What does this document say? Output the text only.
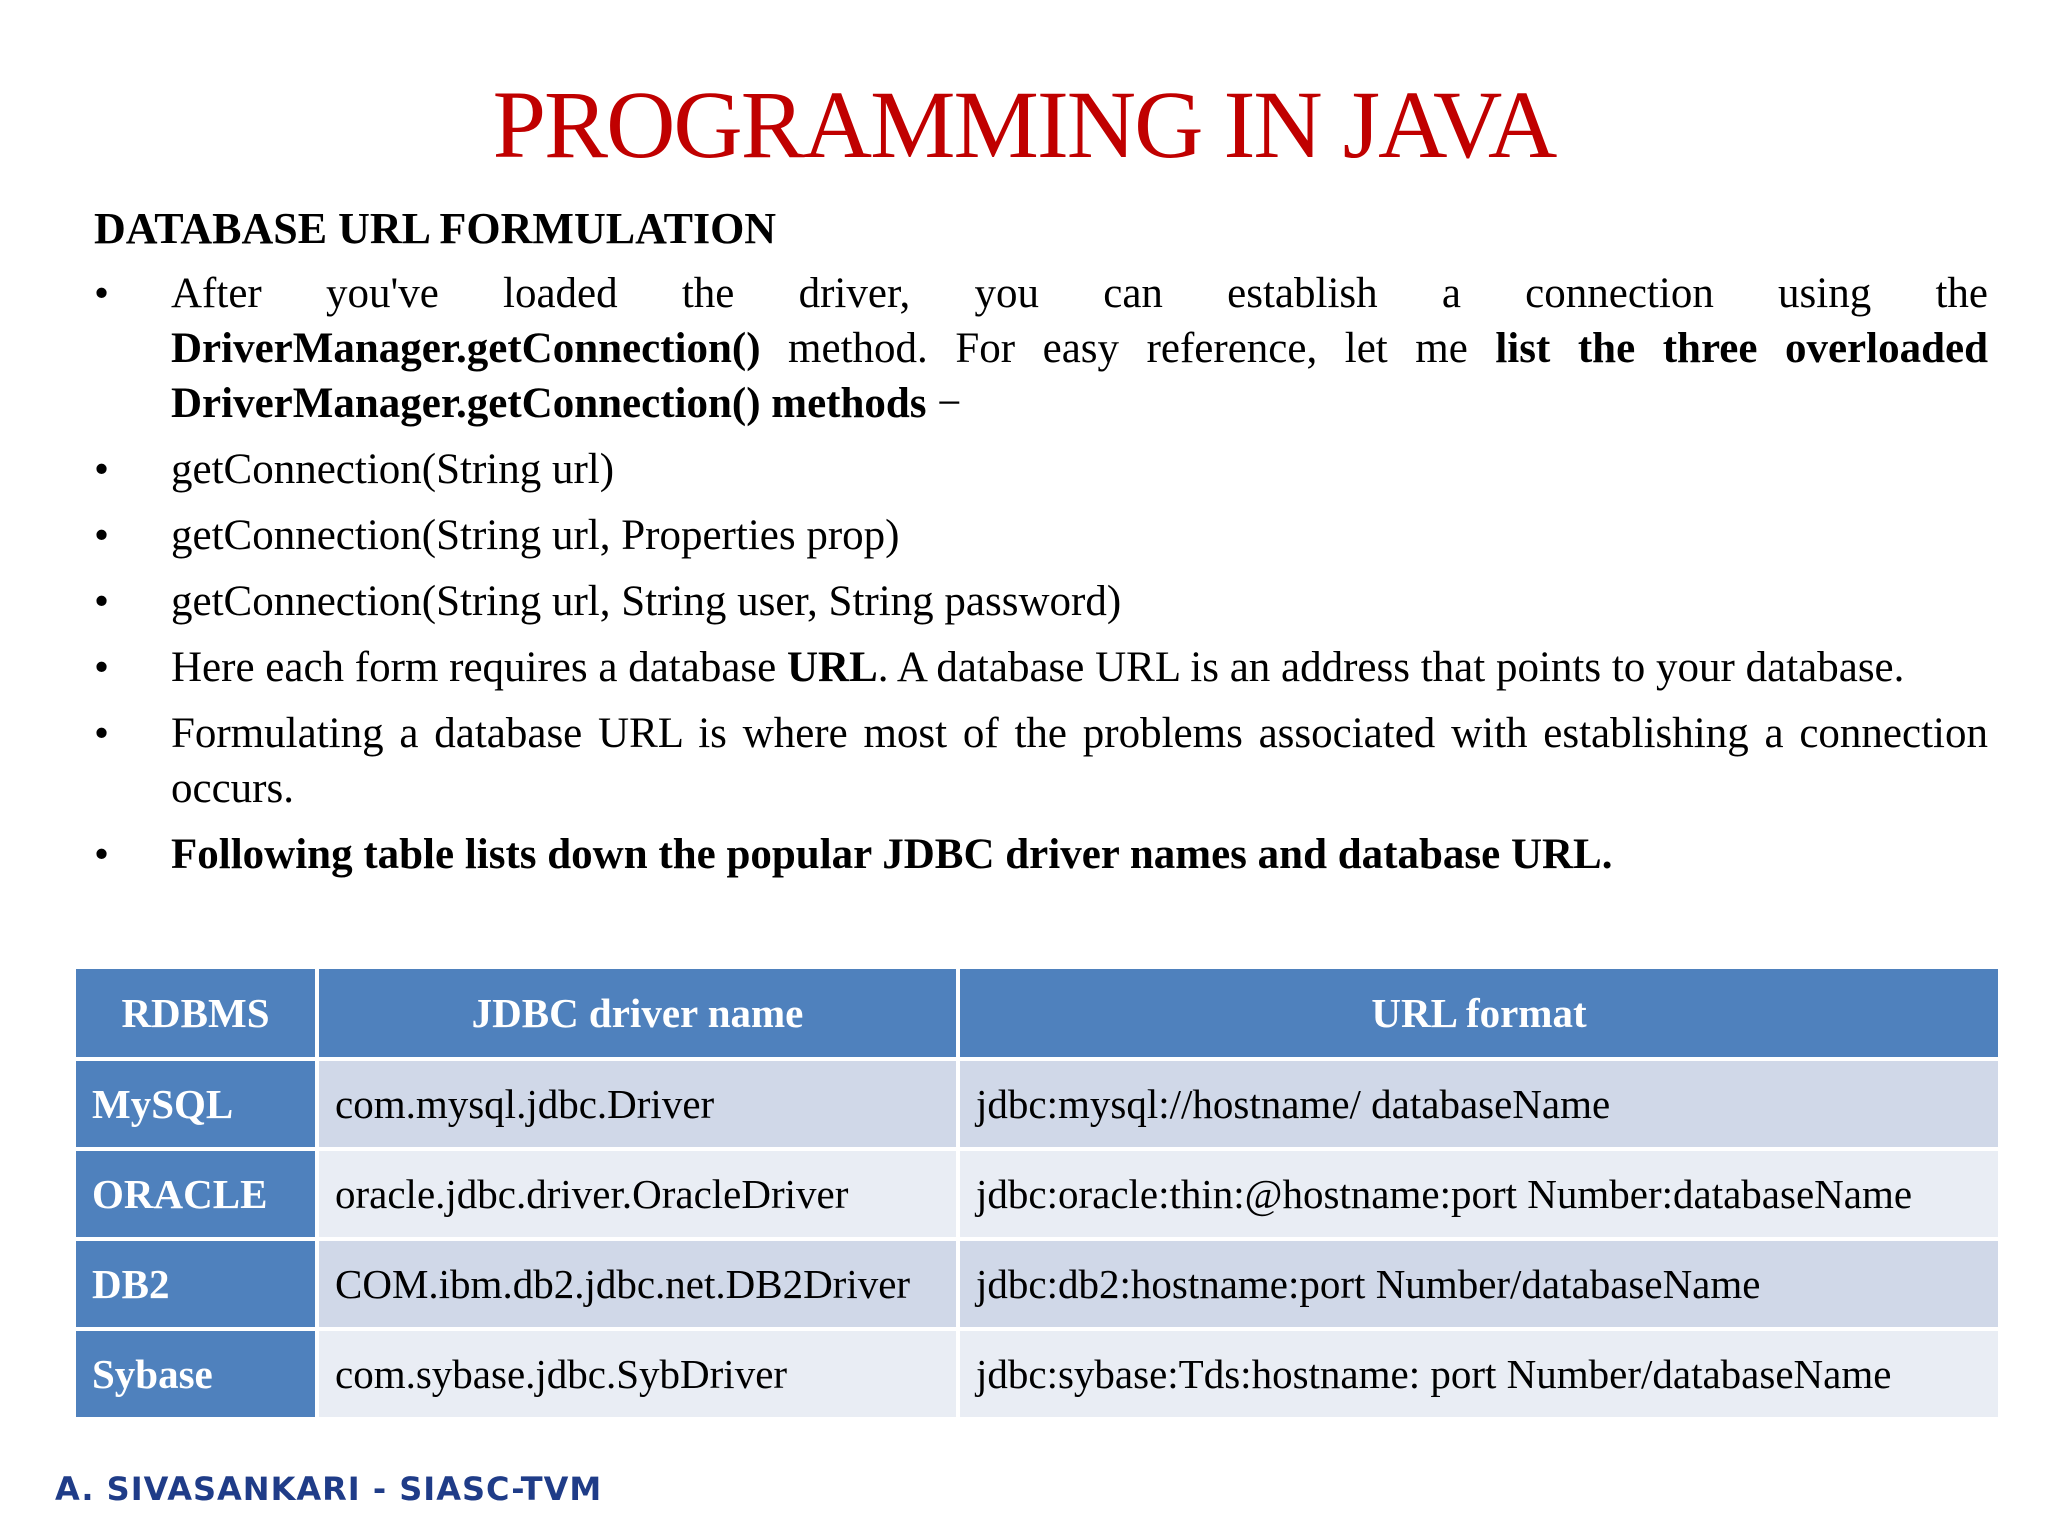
PROGRAMMING IN JAVA
DATABASE URL FORMULATION
• After you've loaded the driver, you can establish a connection using the DriverManager.getConnection() method. For easy reference, let me list the three overloaded DriverManager.getConnection() methods −
• getConnection(String url)
• getConnection(String url, Properties prop)
• getConnection(String url, String user, String password)
• Here each form requires a database URL. A database URL is an address that points to your database.
• Formulating a database URL is where most of the problems associated with establishing a connection occurs.
• Following table lists down the popular JDBC driver names and database URL.
RDBMS	JDBC driver name	URL format
MySQL	com.mysql.jdbc.Driver	jdbc:mysql://hostname/ databaseName
ORACLE	oracle.jdbc.driver.OracleDriver	jdbc:oracle:thin:@hostname:port Number:databaseName
DB2	COM.ibm.db2.jdbc.net.DB2Driver	jdbc:db2:hostname:port Number/databaseName
Sybase	com.sybase.jdbc.SybDriver	jdbc:sybase:Tds:hostname: port Number/databaseName
A. SIVASANKARI - SIASC-TVM
